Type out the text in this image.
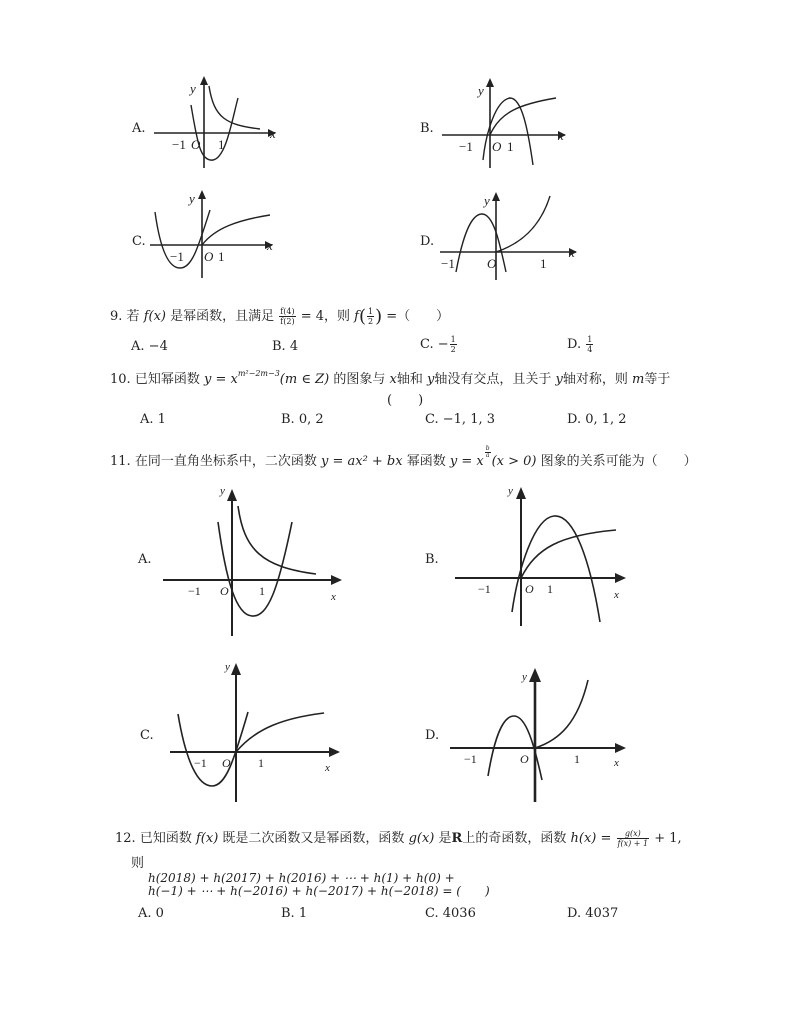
A.
y
x
−1 O 1
B.
y
x
−1 O 1
C.
y
x
−1 O 1
D.
y
x
−1 O	1
9. 若 f(x) 是幂函数，且满足 $\frac{f(4)}{f(2)} = 4$，则 $f( \frac{1}{2}$ ) =（　　）
A. −4	B. 4	C. − $\frac{1}{2}$	D. $\frac{1}{4}$
10. 已知幂函数 $y = x^{m^2-2m-3}(m$ ∈ Z) 的图象与 x轴和 y轴没有交点，且关于 y轴对称，则 m等于
(　　)
A. 1	B. 0, 2	C. −1, 1, 3	D. 0, 1, 2
11. 在同一直角坐标系中，二次函数 y = ax² + bx 幂函数 y = x
$\frac{b}{a}$
(x > 0) 图象的关系可能为（　　）
A.
y
x
−1 O	1
B.
y
x
−1	O 1
C.
y
x
−1 O 1
D.
y
x
−1	O	1
12. 已知函数 f(x) 既是二次函数又是幂函数，函数 g(x) 是R上的奇函数，函数 $h(x) = \frac{g(x)}{f(x) + 1} + 1$,
则
h(2018) + h(2017) + h(2016) + ⋯ + h(1) + h(0) +
h(−1) + ⋯ + h(−2016) + h(−2017) + h(−2018) = (　　)
A. 0	B. 1	C. 4036	D. 4037
